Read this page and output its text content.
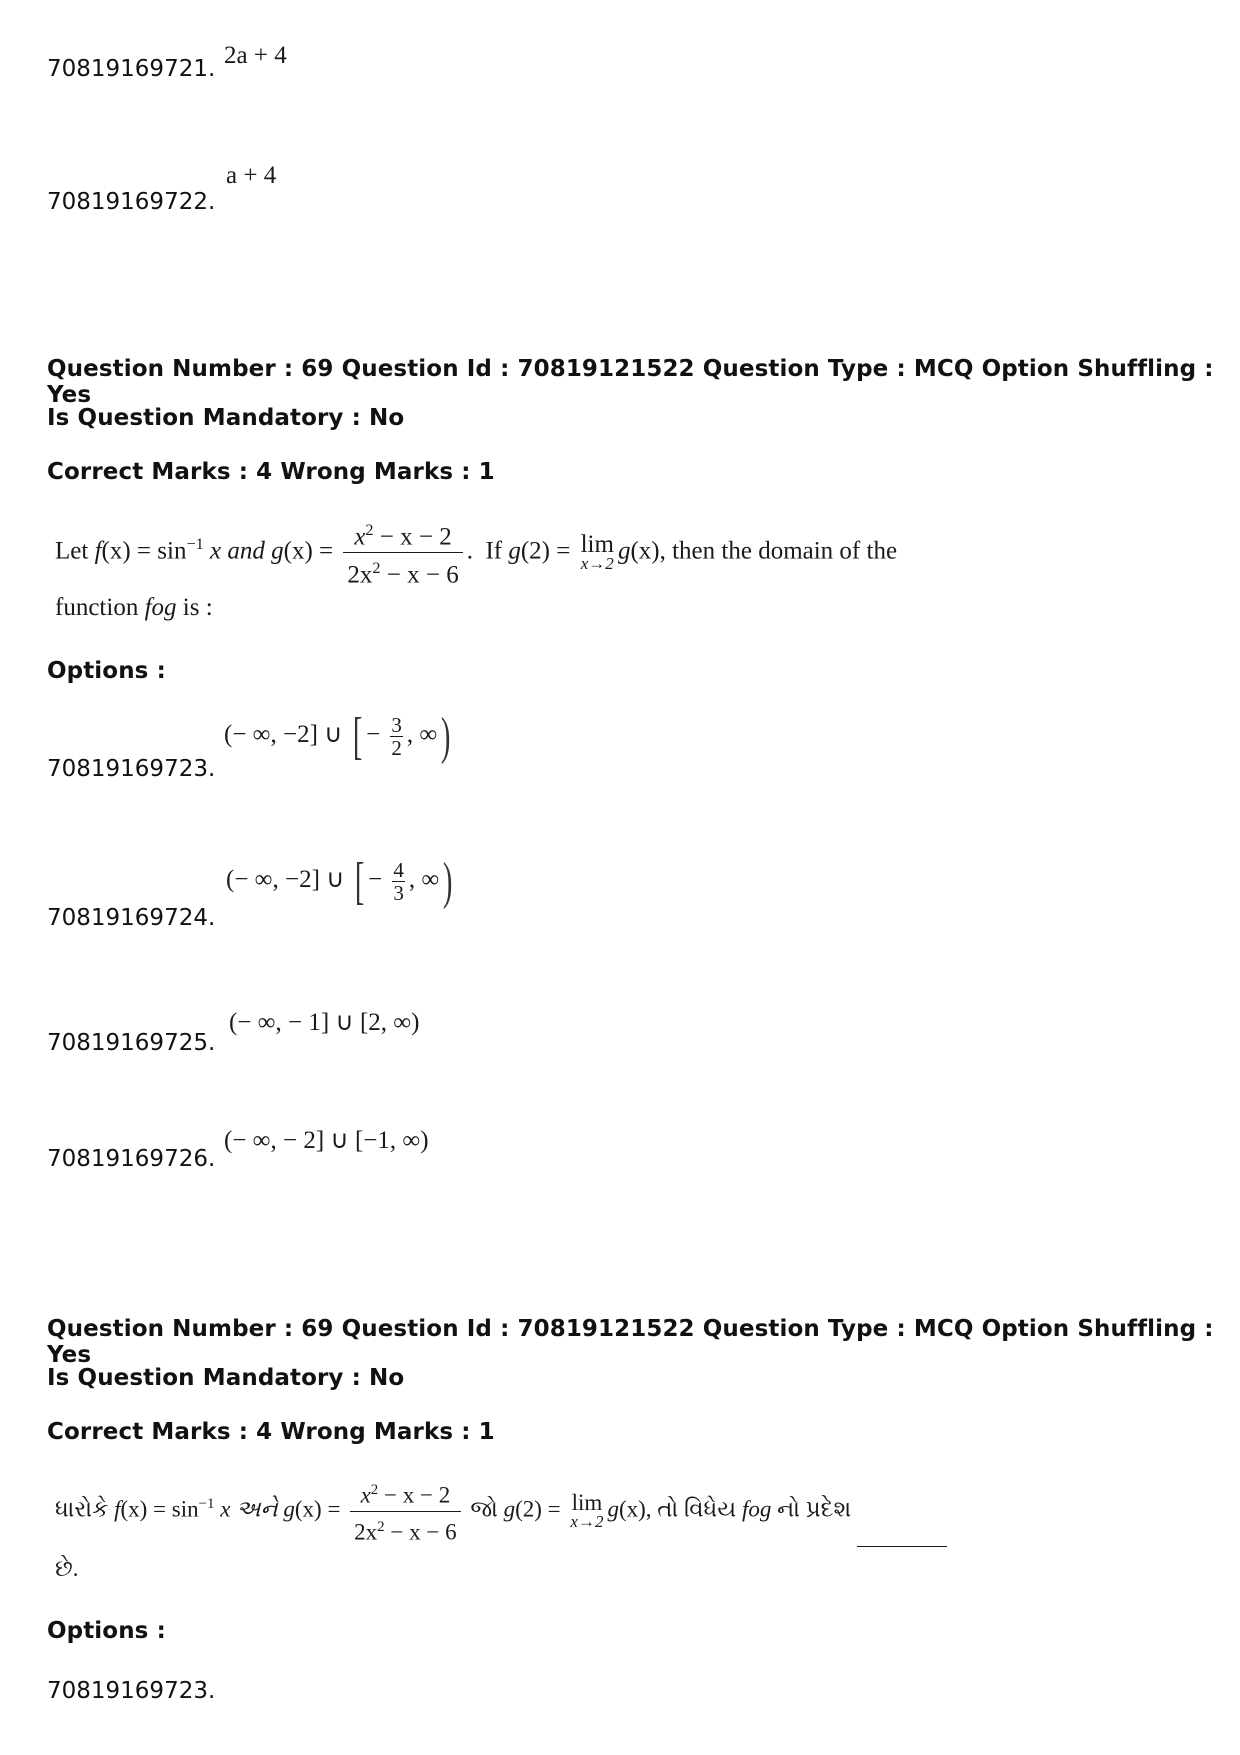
70819169721. 2a + 4
70819169722.
a + 4
Question Number : 69 Question Id : 70819121522 Question Type : MCQ Option Shuffling : Yes
Is Question Mandatory : No
Correct Marks : 4 Wrong Marks : 1
Let $f(x) = \sin^{-1} x$ and $g(x) = \frac{x^2 - x - 2}{2x^2 - x - 6}$ . If g(2) = lim
x→2 g(x), then the domain of the
function fog is :
Options :
70819169723.
(− ∞, −2] ∪ [ − $\frac{3}{2}$ , ∞)
70819169724.
(− ∞, −2] ∪ [ − $\frac{4}{3}$ , ∞)
70819169725.
(− ∞, − 1] ∪ [2, ∞)
70819169726.
(− ∞, − 2] ∪ [−1, ∞)
Question Number : 69 Question Id : 70819121522 Question Type : MCQ Option Shuffling : Yes
Is Question Mandatory : No
Correct Marks : 4 Wrong Marks : 1
ધારોકે $f(x) = \sin^{-1} x$ અને $g(x) = \frac{x^2 - x - 2}{2x^2 - x - 6}$ જો g(2) = lim
x→2
g(x), તો વિધેય fog નો પ્રદેશ
છે.
Options :
70819169723.
